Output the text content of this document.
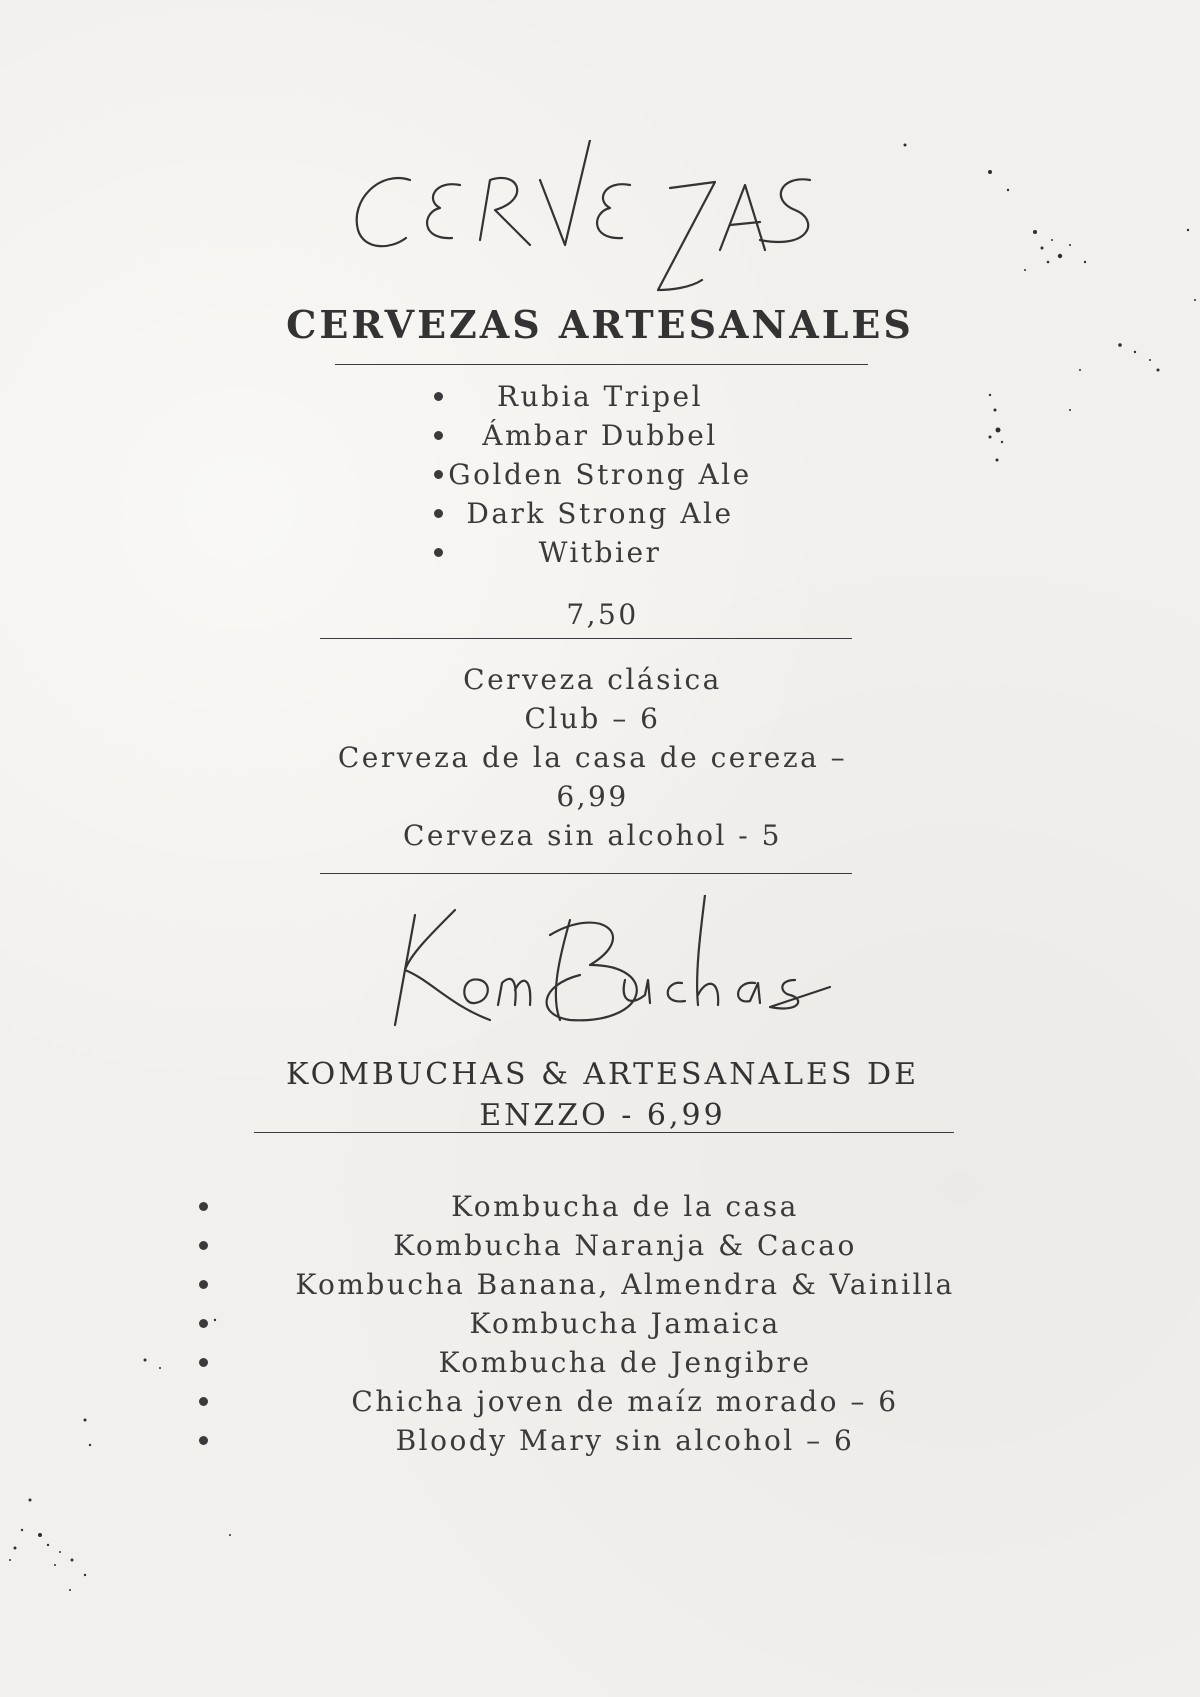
CERVEZAS ARTESANALES
Rubia Tripel
Ámbar Dubbel
Golden Strong Ale
Dark Strong Ale
Witbier

7,50

Cerveza clásica

Club – 6

Cerveza de la casa de cereza –

6,99

Cerveza sin alcohol - 5

KOMBUCHAS & ARTESANALES DE

ENZZO - 6,99

Kombucha de la casa
Kombucha Naranja & Cacao
Kombucha Banana, Almendra & Vainilla
Kombucha Jamaica
Kombucha de Jengibre
Chicha joven de maíz morado – 6
Bloody Mary sin alcohol – 6
